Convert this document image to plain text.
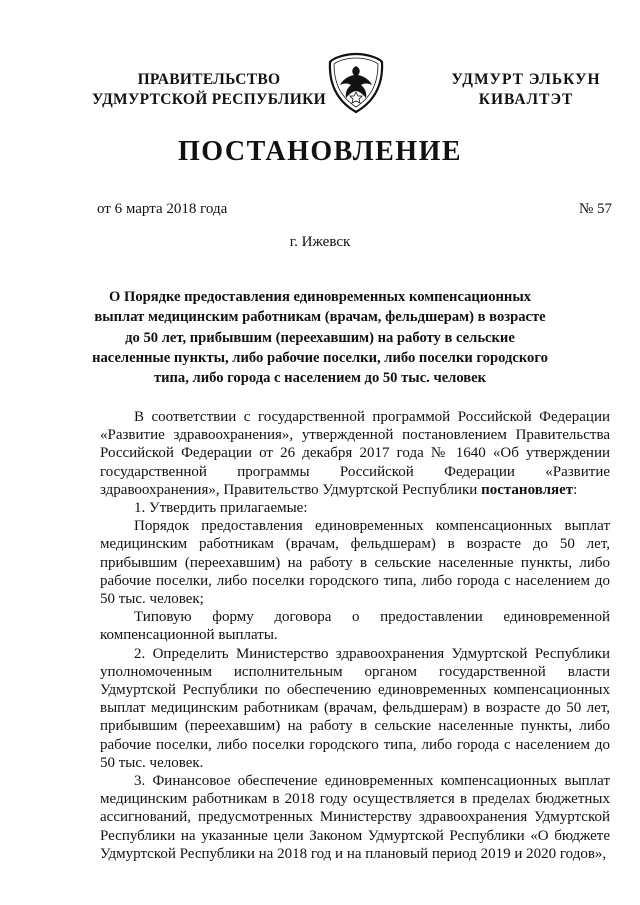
ПРАВИТЕЛЬСТВО
УДМУРТСКОЙ РЕСПУБЛИКИ
УДМУРТ ЭЛЬКУН
КИВАЛТЭТ
ПОСТАНОВЛЕНИЕ
от 6 марта 2018 года	№ 57
г. Ижевск
О Порядке предоставления единовременных компенсационных выплат медицинским работникам (врачам, фельдшерам) в возрасте до 50 лет, прибывшим (переехавшим) на работу в сельские населенные пункты, либо рабочие поселки, либо поселки городского типа, либо города с населением до 50 тыс. человек

В соответствии с государственной программой Российской Федерации «Развитие здравоохранения», утвержденной постановлением Правительства Российской Федерации от 26 декабря 2017 года № 1640 «Об утверждении государственной программы Российской Федерации «Развитие здравоохранения», Правительство Удмуртской Республики постановляет:

1. Утвердить прилагаемые:

Порядок предоставления единовременных компенсационных выплат медицинским работникам (врачам, фельдшерам) в возрасте до 50 лет, прибывшим (переехавшим) на работу в сельские населенные пункты, либо рабочие поселки, либо поселки городского типа, либо города с населением до 50 тыс. человек;

Типовую форму договора о предоставлении единовременной компенсационной выплаты.

2. Определить Министерство здравоохранения Удмуртской Республики уполномоченным исполнительным органом государственной власти Удмуртской Республики по обеспечению единовременных компенсационных выплат медицинским работникам (врачам, фельдшерам) в возрасте до 50 лет, прибывшим (переехавшим) на работу в сельские населенные пункты, либо рабочие поселки, либо поселки городского типа, либо города с населением до 50 тыс. человек.

3. Финансовое обеспечение единовременных компенсационных выплат медицинским работникам в 2018 году осуществляется в пределах бюджетных ассигнований, предусмотренных Министерству здравоохранения Удмуртской Республики на указанные цели Законом Удмуртской Республики «О бюджете Удмуртской Республики на 2018 год и на плановый период 2019 и 2020 годов»,
